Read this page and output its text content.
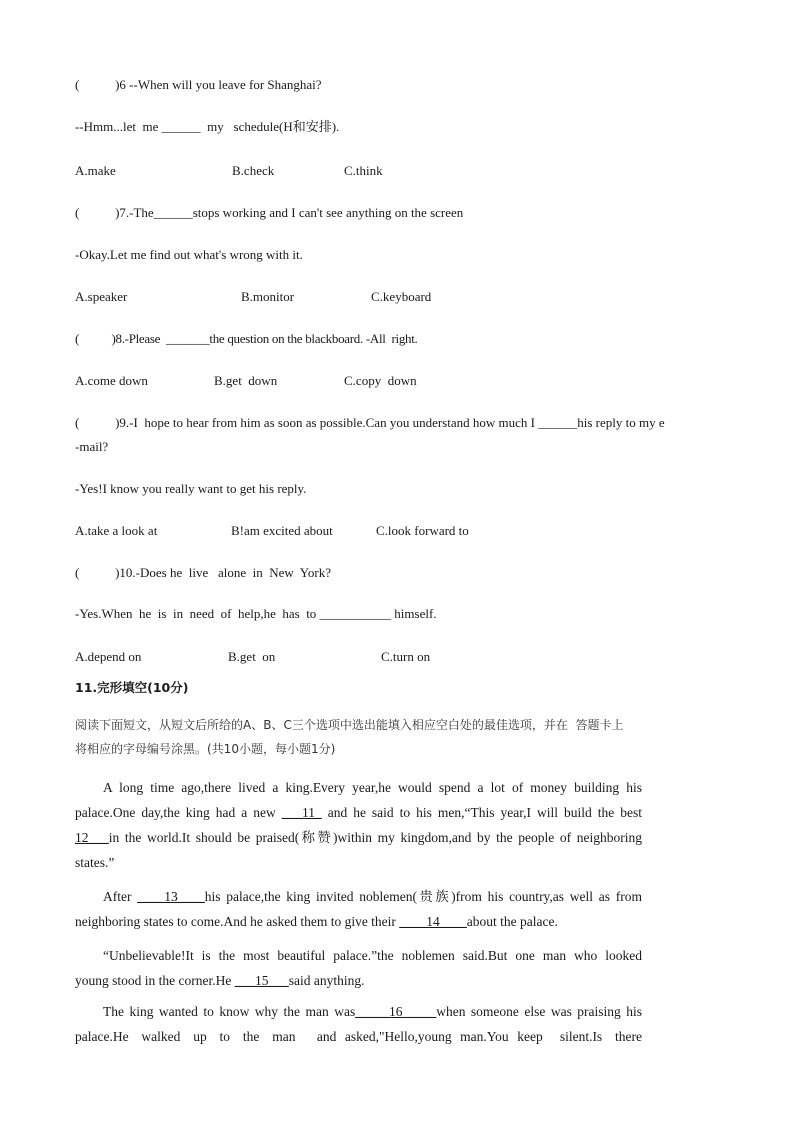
(           )6 --When will you leave for Shanghai?
--Hmm...let  me ______  my   schedule(H和安排).
A.make	B.check	C.think
(           )7.-The______stops working and I can't see anything on the screen
-Okay.Let me find out what's wrong with it.
A.speaker	B.monitor	C.keyboard
(           )8.-Please  _______the question on the blackboard. -All  right.
A.come down	B.get  down	C.copy  down
(           )9.-I  hope to hear from him as soon as possible.Can you understand how much I ______his reply to my e
-mail?
-Yes!I know you really want to get his reply.
A.take a look at	B!am excited about	C.look forward to
(           )10.-Does he  live   alone  in  New  York?
-Yes.When  he  is  in  need  of  help,he  has  to ___________ himself.
A.depend on	B.get  on	C.turn on
11.完形填空(10分)
阅读下面短文，从短文后所给的A、B、C三个选项中选出能填入相应空白处的最佳选项，并在  答题卡上
将相应的字母编号涂黑。(共10小题，每小题1分)
A long time ago,there lived a king.Every year,he would spend a lot of money building his
palace.One day,the king had a new ___11_ and he said to his men,“This year,I will build the best
12___in the world.It should be praised(称赞)within my kingdom,and by the people of neighboring
states.”
After ____13____his palace,the king invited noblemen(贵族)from his country,as well as from
neighboring states to come.And he asked them to give their ____14____about the palace.
“Unbelievable!It is the most beautiful palace.”the noblemen said.But one man who looked
young stood in the corner.He ___15___said anything.
The king wanted to know why the man was_____16_____when someone else was praising his
palace.He   walked   up   to   the   man     and  asked,"Hello,young  man.You  keep    silent.Is   there
